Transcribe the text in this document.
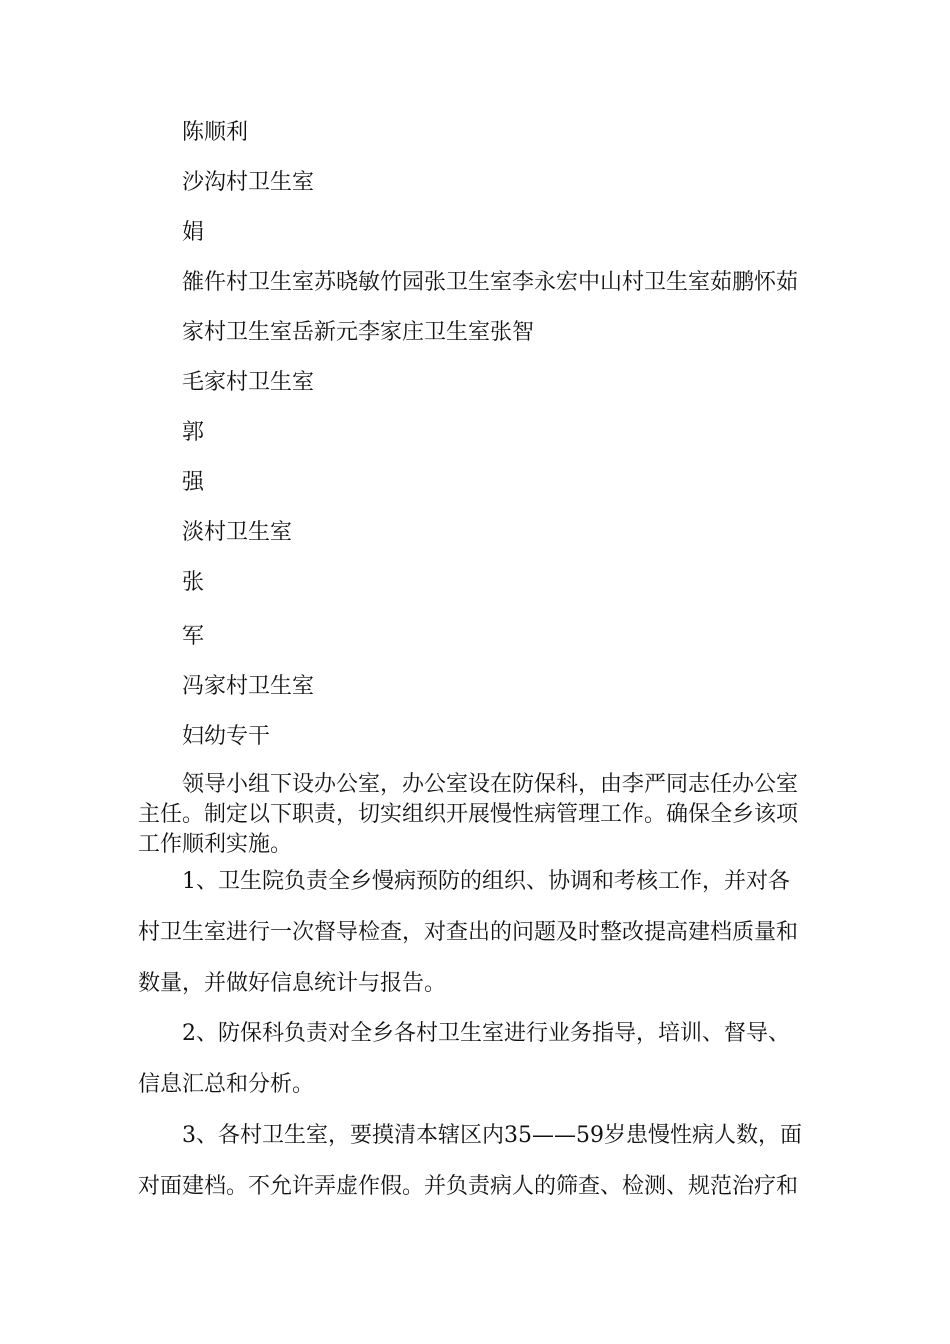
陈顺利
沙沟村卫生室
娟
雒仵村卫生室苏晓敏竹园张卫生室李永宏中山村卫生室茹鹏怀茹
家村卫生室岳新元李家庄卫生室张智
毛家村卫生室
郭
强
淡村卫生室
张
军
冯家村卫生室
妇幼专干
　　领导小组下设办公室，办公室设在防保科，由李严同志任办公室
主任。制定以下职责，切实组织开展慢性病管理工作。确保全乡该项
工作顺利实施。
　　1、卫生院负责全乡慢病预防的组织、协调和考核工作，并对各
村卫生室进行一次督导检查，对查出的问题及时整改提高建档质量和
数量，并做好信息统计与报告。
　　2、防保科负责对全乡各村卫生室进行业务指导，培训、督导、
信息汇总和分析。
　　3、各村卫生室，要摸清本辖区内35——59岁患慢性病人数，面
对面建档。不允许弄虚作假。并负责病人的筛查、检测、规范治疗和
